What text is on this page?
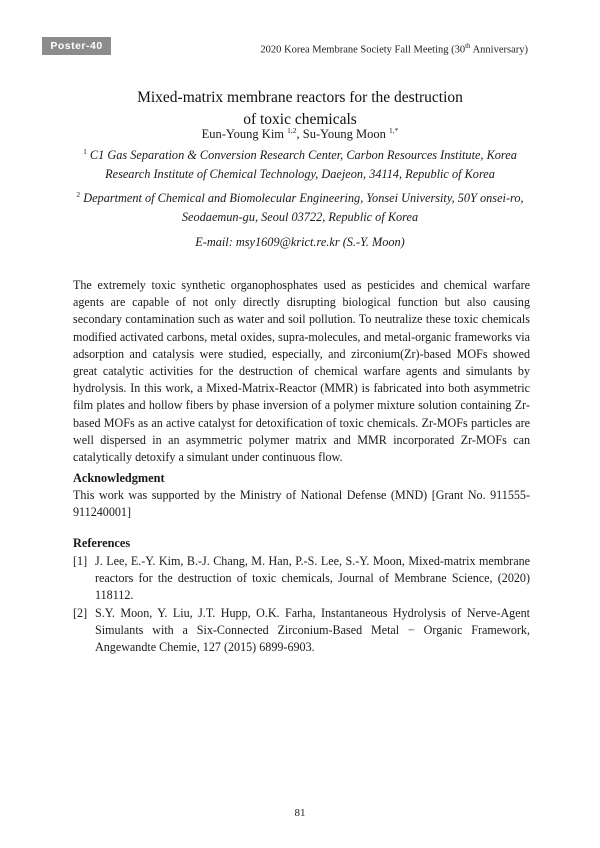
Poster-40	2020 Korea Membrane Society Fall Meeting (30th Anniversary)
Mixed-matrix membrane reactors for the destruction
of toxic chemicals
Eun-Young Kim $^{1,2}$, Su-Young Moon $^{1,*}$
$^1$ C1 Gas Separation & Conversion Research Center, Carbon Resources Institute, Korea
Research Institute of Chemical Technology, Daejeon, 34114, Republic of Korea
$^2$ Department of Chemical and Biomolecular Engineering, Yonsei University, 50Y onsei-ro,
Seodaemun-gu, Seoul 03722, Republic of Korea
E-mail: msy1609@krict.re.kr (S.-Y. Moon)
The extremely toxic synthetic organophosphates used as pesticides and chemical warfare agents are capable of not only directly disrupting biological function but also causing secondary contamination such as water and soil pollution. To neutralize these toxic chemicals modified activated carbons, metal oxides, supra-molecules, and metal-organic frameworks via adsorption and catalysis were studied, especially, and zirconium(Zr)-based MOFs showed great catalytic activities for the destruction of chemical warfare agents and simulants by hydrolysis. In this work, a Mixed-Matrix-Reactor (MMR) is fabricated into both asymmetric film plates and hollow fibers by phase inversion of a polymer mixture solution containing Zr-based MOFs as an active catalyst for detoxification of toxic chemicals. Zr-MOFs particles are well dispersed in an asymmetric polymer matrix and MMR incorporated Zr-MOFs can catalytically detoxify a simulant under continuous flow.
Acknowledgment
This work was supported by the Ministry of National Defense (MND) [Grant No. 911555-911240001]
References
[1] J. Lee, E.-Y. Kim, B.-J. Chang, M. Han, P.-S. Lee, S.-Y. Moon, Mixed-matrix membrane reactors for the destruction of toxic chemicals, Journal of Membrane Science, (2020) 118112.
[2] S.Y. Moon, Y. Liu, J.T. Hupp, O.K. Farha, Instantaneous Hydrolysis of Nerve-Agent Simulants with a Six-Connected Zirconium-Based Metal − Organic Framework, Angewandte Chemie, 127 (2015) 6899-6903.
81
